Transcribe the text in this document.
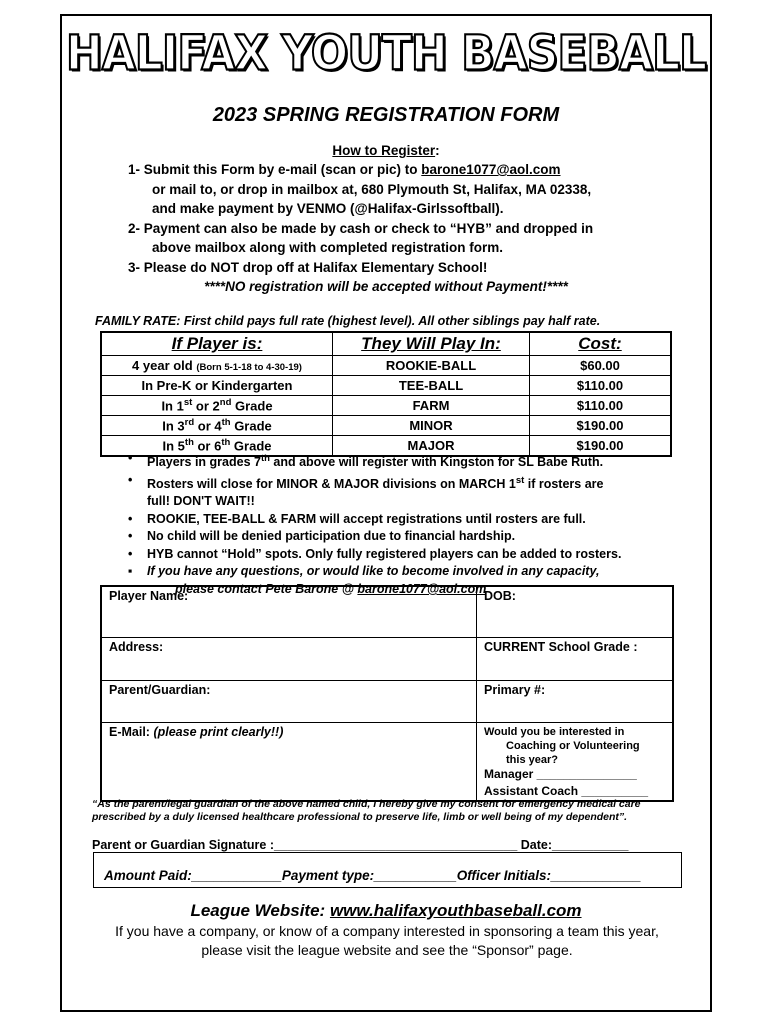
HALIFAX YOUTH BASEBALL
2023 SPRING REGISTRATION FORM
How to Register:
1- Submit this Form by e-mail (scan or pic) to barone1077@aol.com
or mail to, or drop in mailbox at, 680 Plymouth St, Halifax, MA 02338,
and make payment by VENMO (@Halifax-Girlssoftball).
2- Payment can also be made by cash or check to “HYB” and dropped in
above mailbox along with completed registration form.
3- Please do NOT drop off at Halifax Elementary School!
****NO registration will be accepted without Payment!****
FAMILY RATE: First child pays full rate (highest level). All other siblings pay half rate.
If Player is:	They Will Play In:	Cost:
4 year old (Born 5-1-18 to 4-30-19)	ROOKIE-BALL	$60.00
In Pre-K or Kindergarten	TEE-BALL	$110.00
In 1st or 2nd Grade	FARM	$110.00
In 3rd or 4th Grade	MINOR	$190.00
In 5th or 6th Grade	MAJOR	$190.00
• Players in grades 7th and above will register with Kingston for SL Babe Ruth.
• Rosters will close for MINOR & MAJOR divisions on MARCH 1st if rosters are
full! DON'T WAIT!!
• ROOKIE, TEE-BALL & FARM will accept registrations until rosters are full.
• No child will be denied participation due to financial hardship.
• HYB cannot “Hold” spots. Only fully registered players can be added to rosters.
▪ If you have any questions, or would like to become involved in any capacity,
please contact Pete Barone @ barone1077@aol.com
Player Name:	DOB:
Address:	CURRENT School Grade :
Parent/Guardian:	Primary #:
E-Mail: (please print clearly!!)	Would you be interested in
Coaching or Volunteering
this year?
Manager _______________
Assistant Coach __________
“As the parent/legal guardian of the above named child, I hereby give my consent for emergency medical care prescribed by a duly licensed healthcare professional to preserve life, limb or well being of my dependent”.
Parent or Guardian Signature :___________________________________ Date:___________
Amount Paid:____________Payment type:___________Officer Initials:____________
League Website: www.halifaxyouthbaseball.com
If you have a company, or know of a company interested in sponsoring a team this year, please visit the league website and see the “Sponsor” page.
